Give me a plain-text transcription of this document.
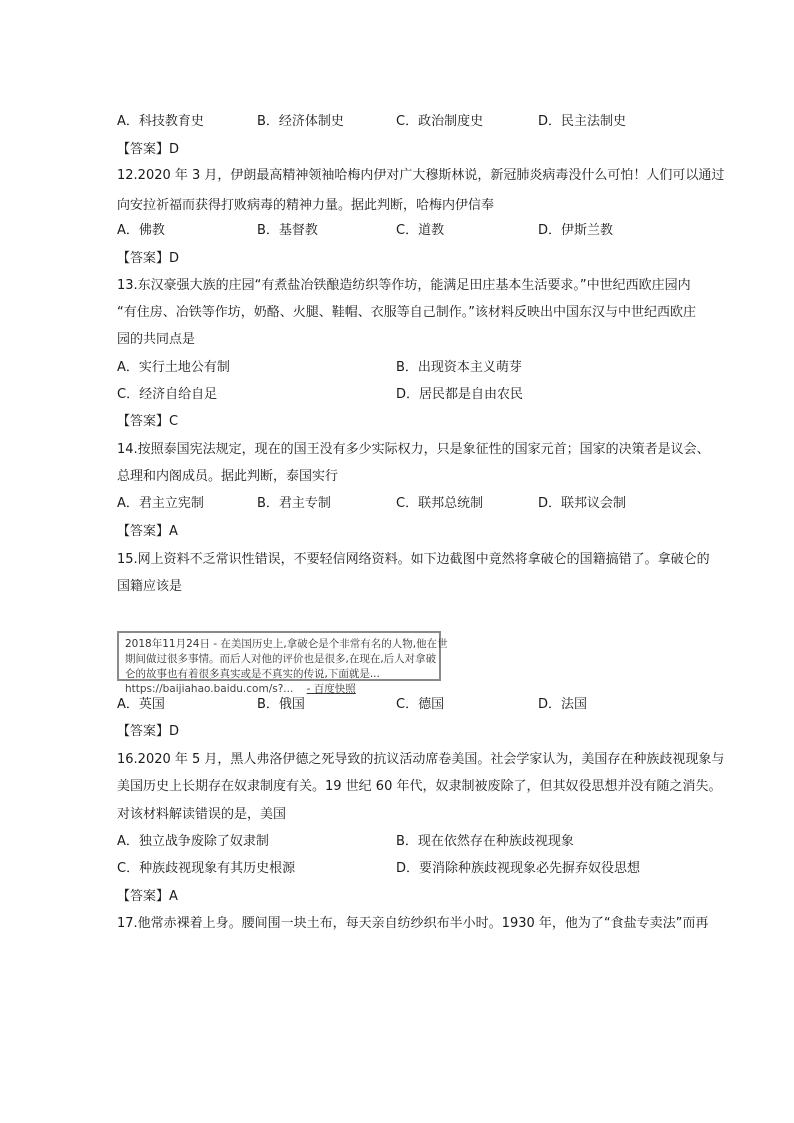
A．科技教育史	B．经济体制史	C．政治制度史	D．民主法制史
【答案】D
12.2020 年 3 月，伊朗最高精神领袖哈梅内伊对广大穆斯林说，新冠肺炎病毒没什么可怕！人们可以通过
向安拉祈福而获得打败病毒的精神力量。据此判断，哈梅内伊信奉
A．佛教	B．基督教	C．道教	D．伊斯兰教
【答案】D
13.东汉豪强大族的庄园“有煮盐冶铁酿造纺织等作坊，能满足田庄基本生活要求。”中世纪西欧庄园内
“有住房、冶铁等作坊，奶酪、火腿、鞋帽、衣服等自己制作。”该材料反映出中国东汉与中世纪西欧庄
园的共同点是
A．实行土地公有制	B．出现资本主义萌芽
C．经济自给自足	D．居民都是自由农民
【答案】C
14.按照泰国宪法规定，现在的国王没有多少实际权力，只是象征性的国家元首；国家的决策者是议会、
总理和内阁成员。据此判断，泰国实行
A．君主立宪制	B．君主专制	C．联邦总统制	D．联邦议会制
【答案】A
15.网上资料不乏常识性错误，不要轻信网络资料。如下边截图中竟然将拿破仑的国籍搞错了。拿破仑的
国籍应该是
2018年11月24日 - 在美国历史上,拿破仑是个非常有名的人物,他在世
期间做过很多事情。而后人对他的评价也是很多,在现在,后人对拿破
仑的故事也有着很多真实或是不真实的传说,下面就是...
https://baijiahao.baidu.com/s?... - 百度快照
A．英国	B．俄国	C．德国	D．法国
【答案】D
16.2020 年 5 月，黑人弗洛伊德之死导致的抗议活动席卷美国。社会学家认为，美国存在种族歧视现象与
美国历史上长期存在奴隶制度有关。19 世纪 60 年代，奴隶制被废除了，但其奴役思想并没有随之消失。
对该材料解读错误的是，美国
A．独立战争废除了奴隶制	B．现在依然存在种族歧视现象
C．种族歧视现象有其历史根源	D．要消除种族歧视现象必先摒弃奴役思想
【答案】A
17.他常赤裸着上身。腰间围一块土布，每天亲自纺纱织布半小时。1930 年，他为了“食盐专卖法”而再
